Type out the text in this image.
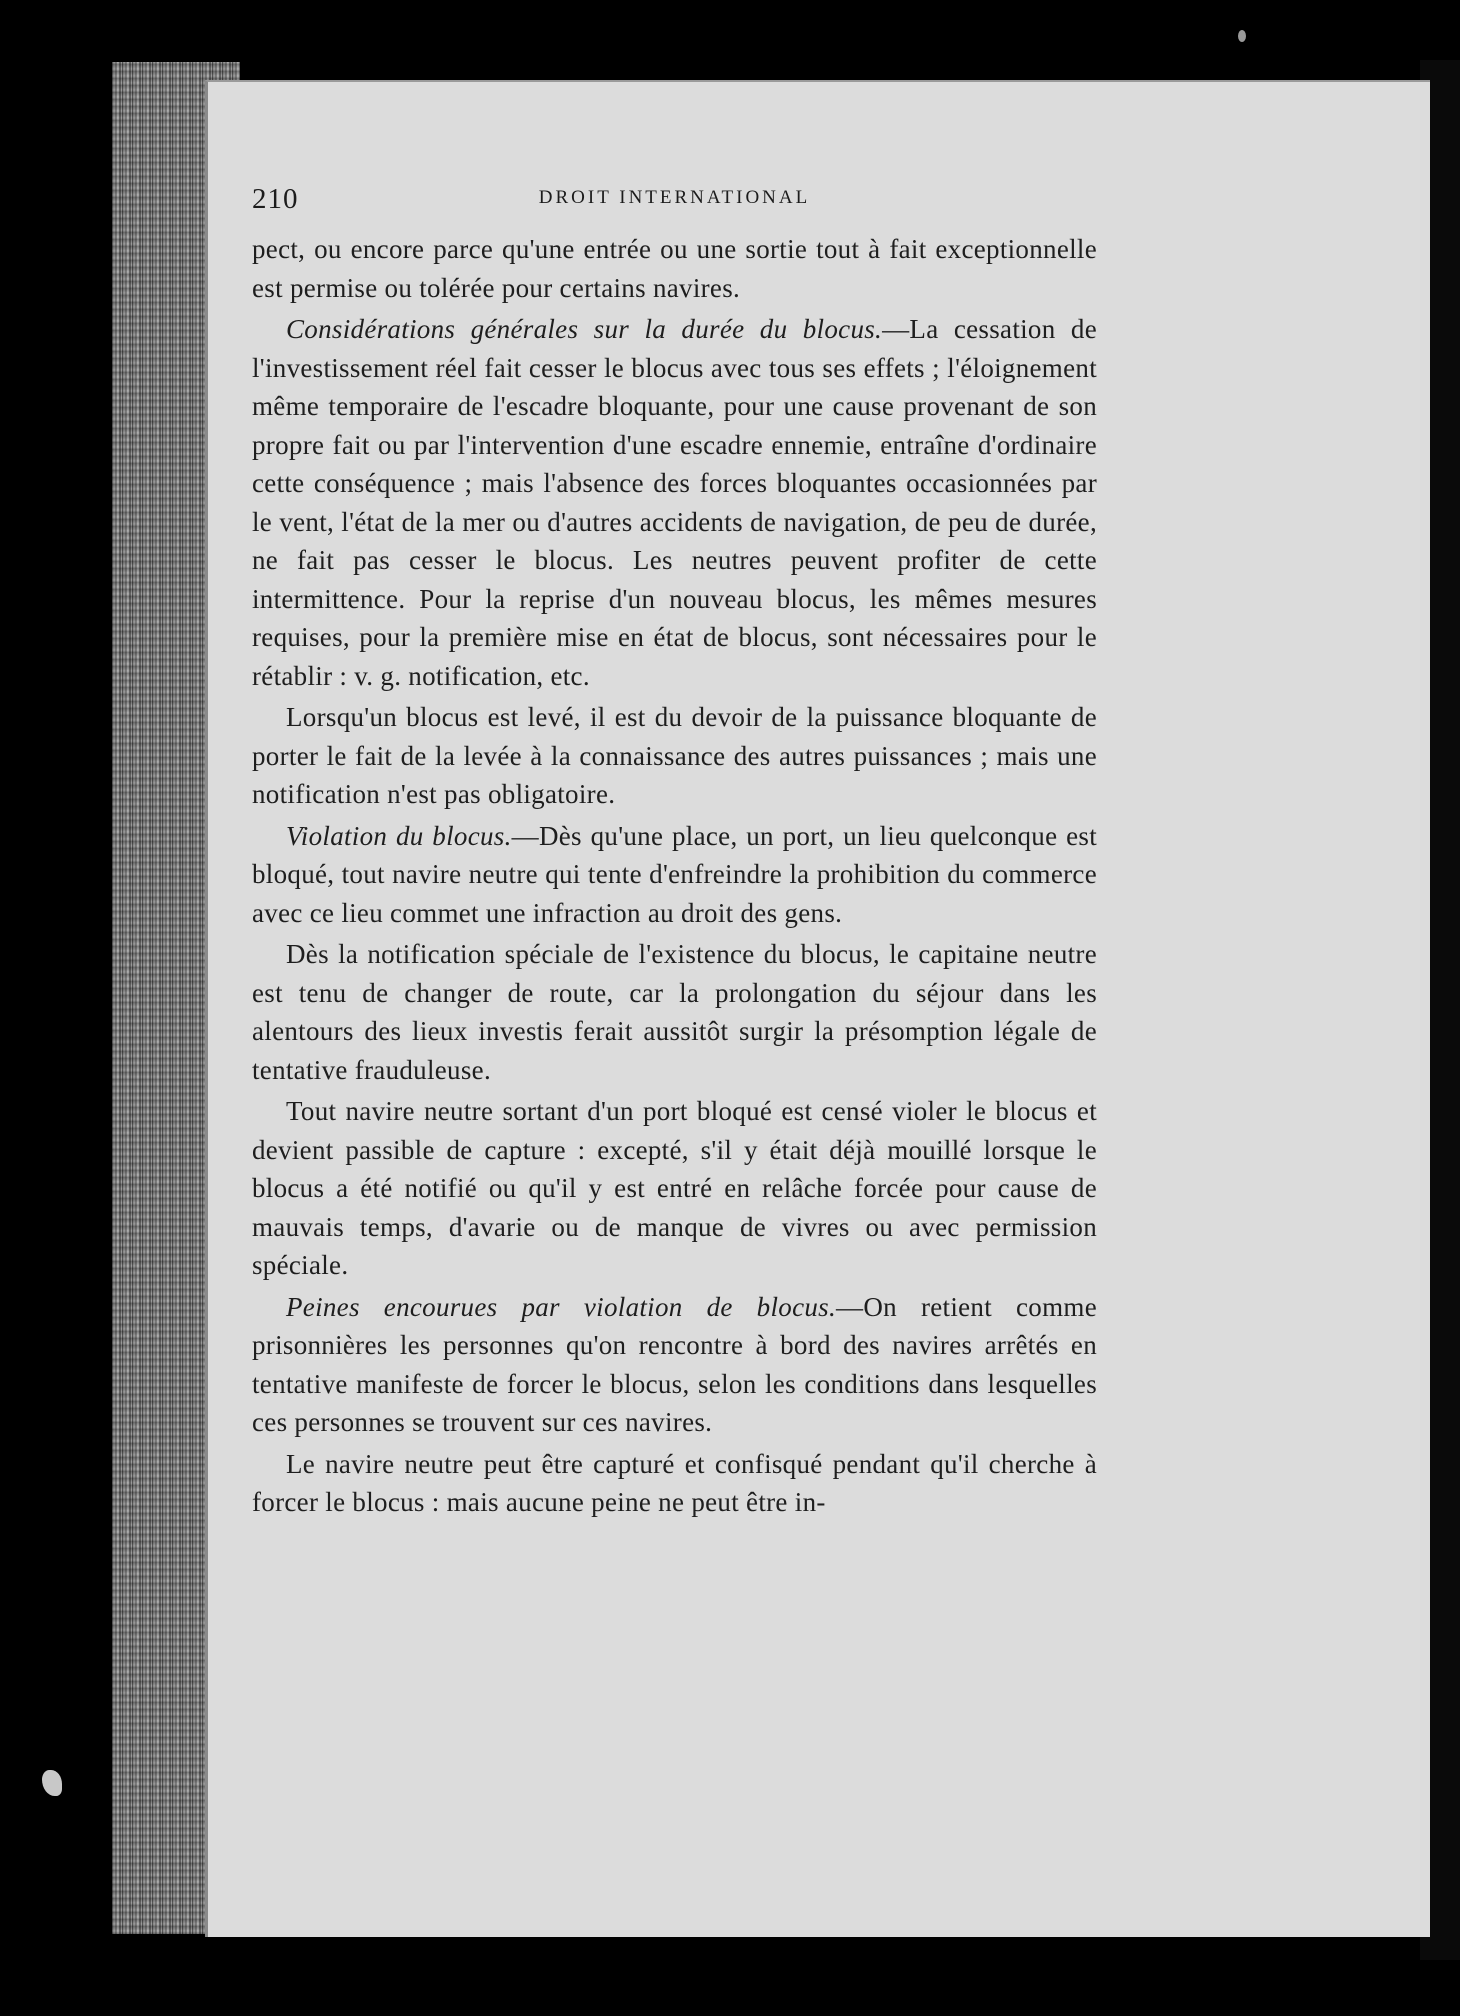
210	DROIT INTERNATIONAL

pect, ou encore parce qu'une entrée ou une sortie tout à fait exceptionnelle est permise ou tolérée pour certains navires.

Considérations générales sur la durée du blocus.—La cessation de l'investissement réel fait cesser le blocus avec tous ses effets ; l'éloignement même temporaire de l'escadre bloquante, pour une cause provenant de son propre fait ou par l'intervention d'une escadre ennemie, entraîne d'ordinaire cette conséquence ; mais l'absence des forces bloquantes occasionnées par le vent, l'état de la mer ou d'autres accidents de navigation, de peu de durée, ne fait pas cesser le blocus. Les neutres peuvent profiter de cette intermittence. Pour la reprise d'un nouveau blocus, les mêmes mesures requises, pour la première mise en état de blocus, sont nécessaires pour le rétablir : v. g. notification, etc.

Lorsqu'un blocus est levé, il est du devoir de la puissance bloquante de porter le fait de la levée à la connaissance des autres puissances ; mais une notification n'est pas obligatoire.

Violation du blocus.—Dès qu'une place, un port, un lieu quelconque est bloqué, tout navire neutre qui tente d'enfreindre la prohibition du commerce avec ce lieu commet une infraction au droit des gens.

Dès la notification spéciale de l'existence du blocus, le capitaine neutre est tenu de changer de route, car la prolongation du séjour dans les alentours des lieux investis ferait aussitôt surgir la présomption légale de tentative frauduleuse.

Tout navire neutre sortant d'un port bloqué est censé violer le blocus et devient passible de capture : excepté, s'il y était déjà mouillé lorsque le blocus a été notifié ou qu'il y est entré en relâche forcée pour cause de mauvais temps, d'avarie ou de manque de vivres ou avec permission spéciale.

Peines encourues par violation de blocus.—On retient comme prisonnières les personnes qu'on rencontre à bord des navires arrêtés en tentative manifeste de forcer le blocus, selon les conditions dans lesquelles ces personnes se trouvent sur ces navires.

Le navire neutre peut être capturé et confisqué pendant qu'il cherche à forcer le blocus : mais aucune peine ne peut être in-
